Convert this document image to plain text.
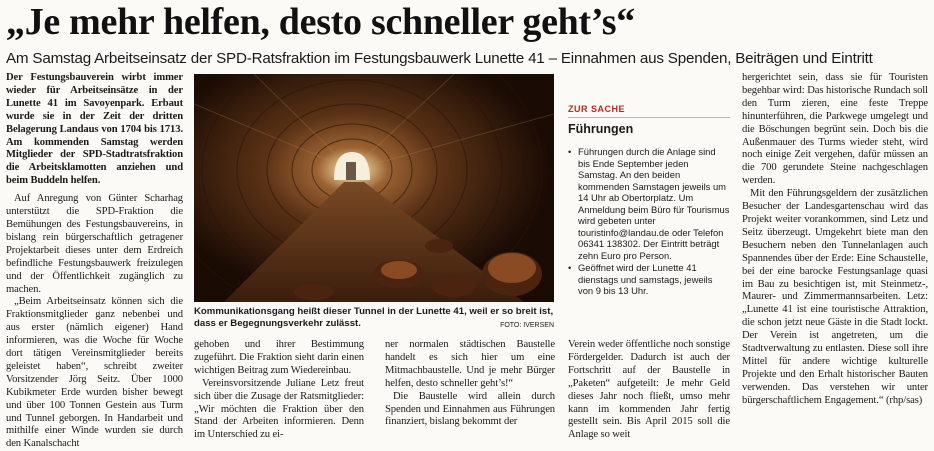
„Je mehr helfen, desto schneller geht’s“
Am Samstag Arbeitseinsatz der SPD-Ratsfraktion im Festungsbauwerk Lunette 41 – Einnahmen aus Spenden, Beiträgen und Eintritt

Der Festungsbauverein wirbt immer wieder für Arbeitseinsätze in der Lunette 41 im Savoyenpark. Erbaut wurde sie in der Zeit der dritten Belagerung Landaus von 1704 bis 1713. Am kommenden Samstag werden Mitglieder der SPD-Stadtratsfraktion die Arbeitsklamotten anziehen und beim Buddeln helfen.

Auf Anregung von Günter Scharhag unterstützt die SPD-Fraktion die Bemühungen des Festungsbauvereins, in bislang rein bürgerschaftlich getragener Projektarbeit dieses unter dem Erdreich befindliche Festungsbauwerk freizulegen und der Öffentlichkeit zugänglich zu machen.

„Beim Arbeitseinsatz können sich die Fraktionsmitglieder ganz nebenbei und aus erster (nämlich eigener) Hand informieren, was die Woche für Woche dort tätigen Vereinsmitglieder bereits geleistet haben“, schreibt zweiter Vorsitzender Jörg Seitz. Über 1000 Kubikmeter Erde wurden bisher bewegt und über 100 Tonnen Gestein aus Turm und Tunnel geborgen. In Handarbeit und mithilfe einer Winde wurden sie durch den Kanalschacht

Kommunikationsgang heißt dieser Tunnel in der Lunette 41, weil er so breit ist, dass er Begegnungsverkehr zulässt.	FOTO: IVERSEN

gehoben und ihrer Bestimmung zugeführt. Die Fraktion sieht darin einen wichtigen Beitrag zum Wiedereinbau.

Vereinsvorsitzende Juliane Letz freut sich über die Zusage der Ratsmitglieder: „Wir möchten die Fraktion über den Stand der Arbeiten informieren. Denn im Unterschied zu ei-

ner normalen städtischen Baustelle handelt es sich hier um eine Mitmachbaustelle. Und je mehr Bürger helfen, desto schneller geht’s!“

Die Baustelle wird allein durch Spenden und Einnahmen aus Führungen finanziert, bislang bekommt der

ZUR SACHE
Führungen
• Führungen durch die Anlage sind bis Ende September jeden Samstag. An den beiden kommenden Samstagen jeweils um 14 Uhr ab Obertorplatz. Um Anmeldung beim Büro für Tourismus wird gebeten unter touristinfo@landau.de oder Telefon 06341 138302. Der Eintritt beträgt zehn Euro pro Person.
• Geöffnet wird der Lunette 41 dienstags und samstags, jeweils von 9 bis 13 Uhr.

Verein weder öffentliche noch sonstige Fördergelder. Dadurch ist auch der Fortschritt auf der Baustelle in „Paketen“ aufgeteilt: Je mehr Geld dieses Jahr noch fließt, umso mehr kann im kommenden Jahr fertig gestellt sein. Bis April 2015 soll die Anlage so weit

hergerichtet sein, dass sie für Touristen begehbar wird: Das historische Rundach soll den Turm zieren, eine feste Treppe hinunterführen, die Parkwege umgelegt und die Böschungen begrünt sein. Doch bis die Außenmauer des Turms wieder steht, wird noch einige Zeit vergehen, dafür müssen an die 700 gerundete Steine nachgeschlagen werden.

Mit den Führungsgeldern der zusätzlichen Besucher der Landesgartenschau wird das Projekt weiter vorankommen, sind Letz und Seitz überzeugt. Umgekehrt biete man den Besuchern neben den Tunnelanlagen auch Spannendes über der Erde: Eine Schaustelle, bei der eine barocke Festungsanlage quasi im Bau zu besichtigen ist, mit Steinmetz-, Maurer- und Zimmermannsarbeiten. Letz: „Lunette 41 ist eine touristische Attraktion, die schon jetzt neue Gäste in die Stadt lockt. Der Verein ist angetreten, um die Stadtverwaltung zu entlasten. Diese soll ihre Mittel für andere wichtige kulturelle Projekte und den Erhalt historischer Bauten verwenden. Das verstehen wir unter bürgerschaftlichem Engagement.“ (rhp/sas)
